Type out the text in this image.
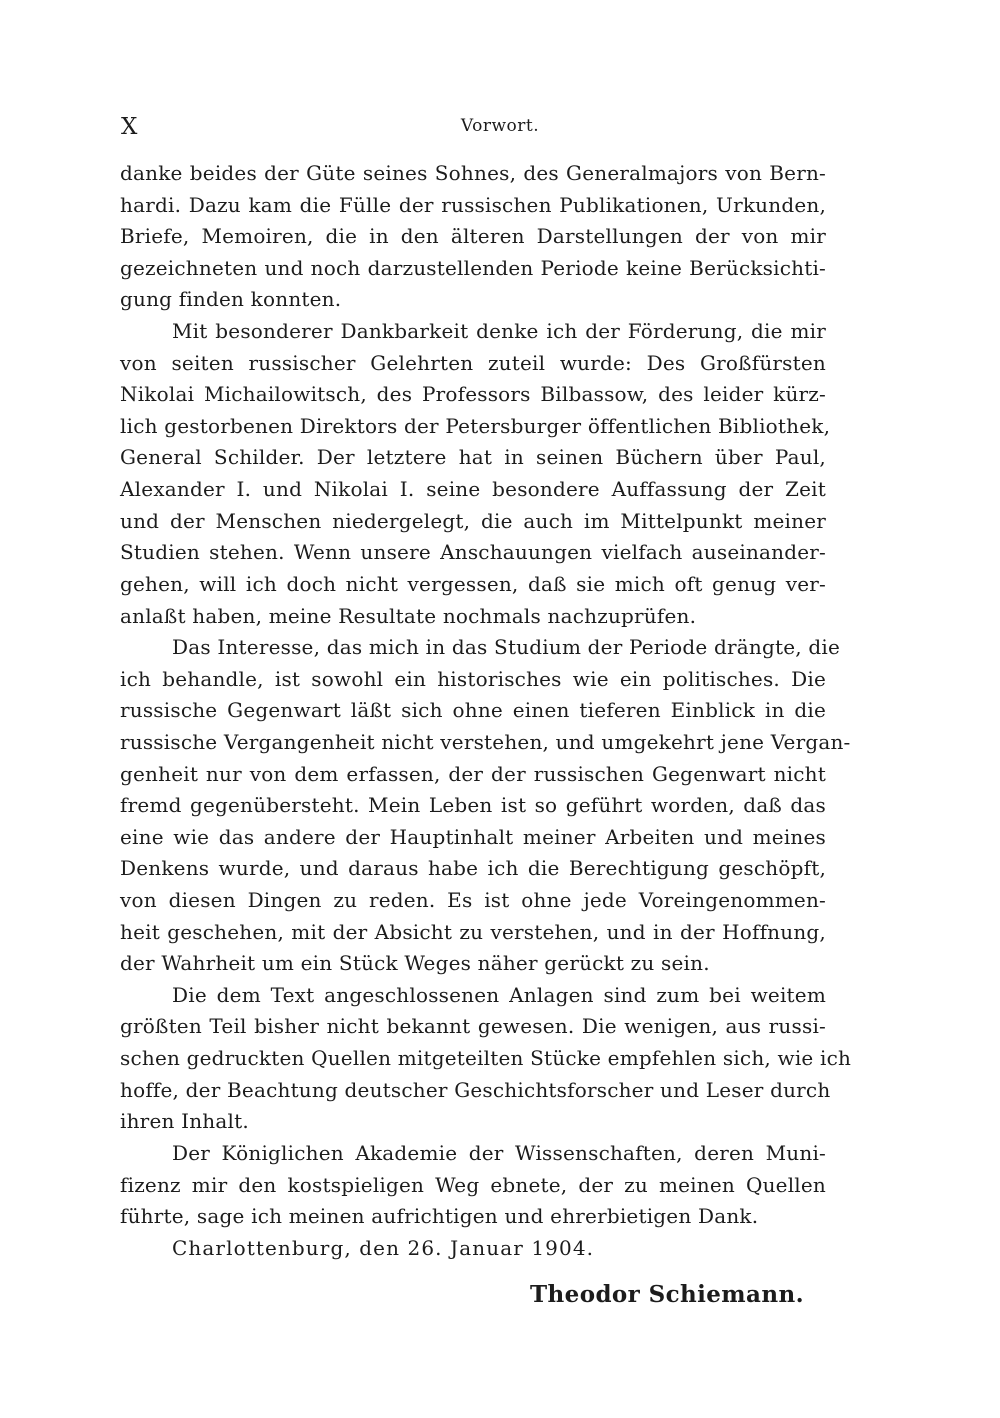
X	Vorwort.
danke beides der Güte seines Sohnes, des Generalmajors von Bern-
hardi. Dazu kam die Fülle der russischen Publikationen, Urkunden,
Briefe, Memoiren, die in den älteren Darstellungen der von mir
gezeichneten und noch darzustellenden Periode keine Berücksichti-
gung finden konnten.
Mit besonderer Dankbarkeit denke ich der Förderung, die mir
von seiten russischer Gelehrten zuteil wurde: Des Großfürsten
Nikolai Michailowitsch, des Professors Bilbassow, des leider kürz-
lich gestorbenen Direktors der Petersburger öffentlichen Bibliothek,
General Schilder. Der letztere hat in seinen Büchern über Paul,
Alexander I. und Nikolai I. seine besondere Auffassung der Zeit
und der Menschen niedergelegt, die auch im Mittelpunkt meiner
Studien stehen. Wenn unsere Anschauungen vielfach auseinander-
gehen, will ich doch nicht vergessen, daß sie mich oft genug ver-
anlaßt haben, meine Resultate nochmals nachzuprüfen.
Das Interesse, das mich in das Studium der Periode drängte, die
ich behandle, ist sowohl ein historisches wie ein politisches. Die
russische Gegenwart läßt sich ohne einen tieferen Einblick in die
russische Vergangenheit nicht verstehen, und umgekehrt jene Vergan-
genheit nur von dem erfassen, der der russischen Gegenwart nicht
fremd gegenübersteht. Mein Leben ist so geführt worden, daß das
eine wie das andere der Hauptinhalt meiner Arbeiten und meines
Denkens wurde, und daraus habe ich die Berechtigung geschöpft,
von diesen Dingen zu reden. Es ist ohne jede Voreingenommen-
heit geschehen, mit der Absicht zu verstehen, und in der Hoffnung,
der Wahrheit um ein Stück Weges näher gerückt zu sein.
Die dem Text angeschlossenen Anlagen sind zum bei weitem
größten Teil bisher nicht bekannt gewesen. Die wenigen, aus russi-
schen gedruckten Quellen mitgeteilten Stücke empfehlen sich, wie ich
hoffe, der Beachtung deutscher Geschichtsforscher und Leser durch
ihren Inhalt.
Der Königlichen Akademie der Wissenschaften, deren Muni-
fizenz mir den kostspieligen Weg ebnete, der zu meinen Quellen
führte, sage ich meinen aufrichtigen und ehrerbietigen Dank.
Charlottenburg, den 26. Januar 1904.
Theodor Schiemann.
